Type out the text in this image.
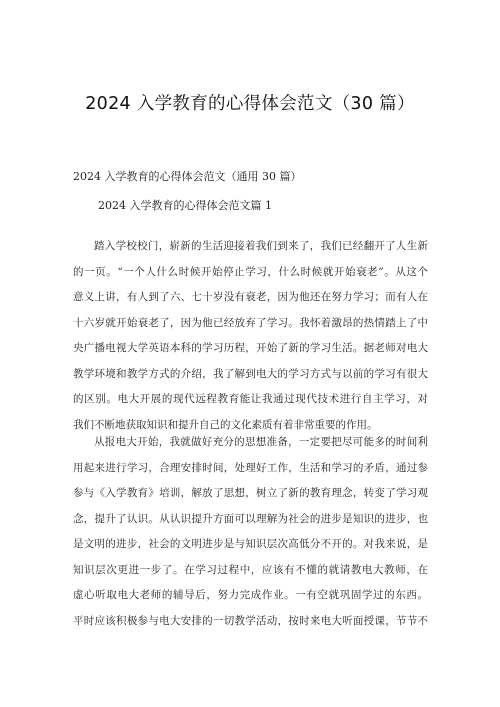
2024 入学教育的心得体会范文（30 篇）
2024 入学教育的心得体会范文（通用 30 篇）
2024 入学教育的心得体会范文篇 1
踏入学校校门，崭新的生活迎接着我们到来了，我们已经翻开了人生新
的一页。“一个人什么时候开始停止学习，什么时候就开始衰老”。从这个
意义上讲，有人到了六、七十岁没有衰老，因为他还在努力学习；而有人在
十六岁就开始衰老了，因为他已经放弃了学习。我怀着激昂的热情踏上了中
央广播电视大学英语本科的学习历程，开始了新的学习生活。据老师对电大
教学环境和教学方式的介绍，我了解到电大的学习方式与以前的学习有很大
的区别。电大开展的现代远程教育能让我通过现代技术进行自主学习，对
我们不断地获取知识和提升自己的文化素质有着非常重要的作用。
从报电大开始，我就做好充分的思想准备，一定要把尽可能多的时间利
用起来进行学习，合理安排时间，处理好工作，生活和学习的矛盾，通过参
参与《入学教育》培训，解放了思想，树立了新的教育理念，转变了学习观
念，提升了认识。从认识提升方面可以理解为社会的进步是知识的进步，也
是文明的进步，社会的文明进步是与知识层次高低分不开的。对我来说，是
知识层次更进一步了。在学习过程中，应该有不懂的就请教电大教师，在
虚心听取电大老师的辅导后，努力完成作业。一有空就巩固学过的东西。
平时应该积极参与电大安排的一切教学活动，按时来电大听面授课，节节不
